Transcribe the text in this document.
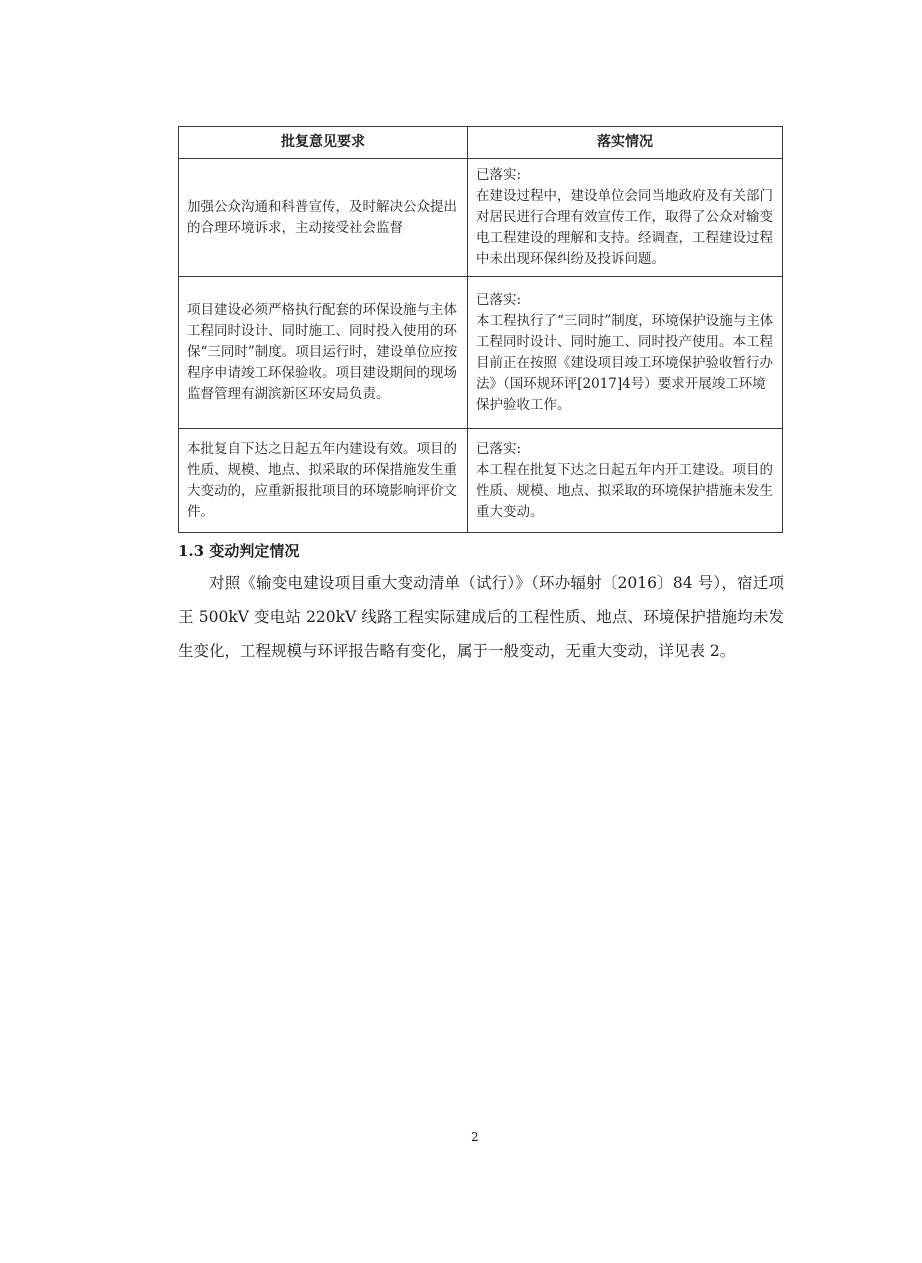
批复意见要求	落实情况
加强公众沟通和科普宣传，及时解决公众提出的合理环境诉求，主动接受社会监督	已落实:
在建设过程中，建设单位会同当地政府及有关部门对居民进行合理有效宣传工作，取得了公众对输变电工程建设的理解和支持。经调查，工程建设过程中未出现环保纠纷及投诉问题。
项目建设必须严格执行配套的环保设施与主体工程同时设计、同时施工、同时投入使用的环保“三同时”制度。项目运行时，建设单位应按程序申请竣工环保验收。项目建设期间的现场监督管理有湖滨新区环安局负责。	已落实:
本工程执行了“三同时”制度，环境保护设施与主体工程同时设计、同时施工、同时投产使用。本工程目前正在按照《建设项目竣工环境保护验收暂行办法》（国环规环评[2017]4号）要求开展竣工环境保护验收工作。
本批复自下达之日起五年内建设有效。项目的性质、规模、地点、拟采取的环保措施发生重大变动的，应重新报批项目的环境影响评价文件。	已落实:
本工程在批复下达之日起五年内开工建设。项目的性质、规模、地点、拟采取的环境保护措施未发生重大变动。
1.3 变动判定情况

对照《输变电建设项目重大变动清单（试行）》（环办辐射〔2016〕84 号），宿迁项王 500kV 变电站 220kV 线路工程实际建成后的工程性质、地点、环境保护措施均未发生变化，工程规模与环评报告略有变化，属于一般变动，无重大变动，详见表 2。

2
